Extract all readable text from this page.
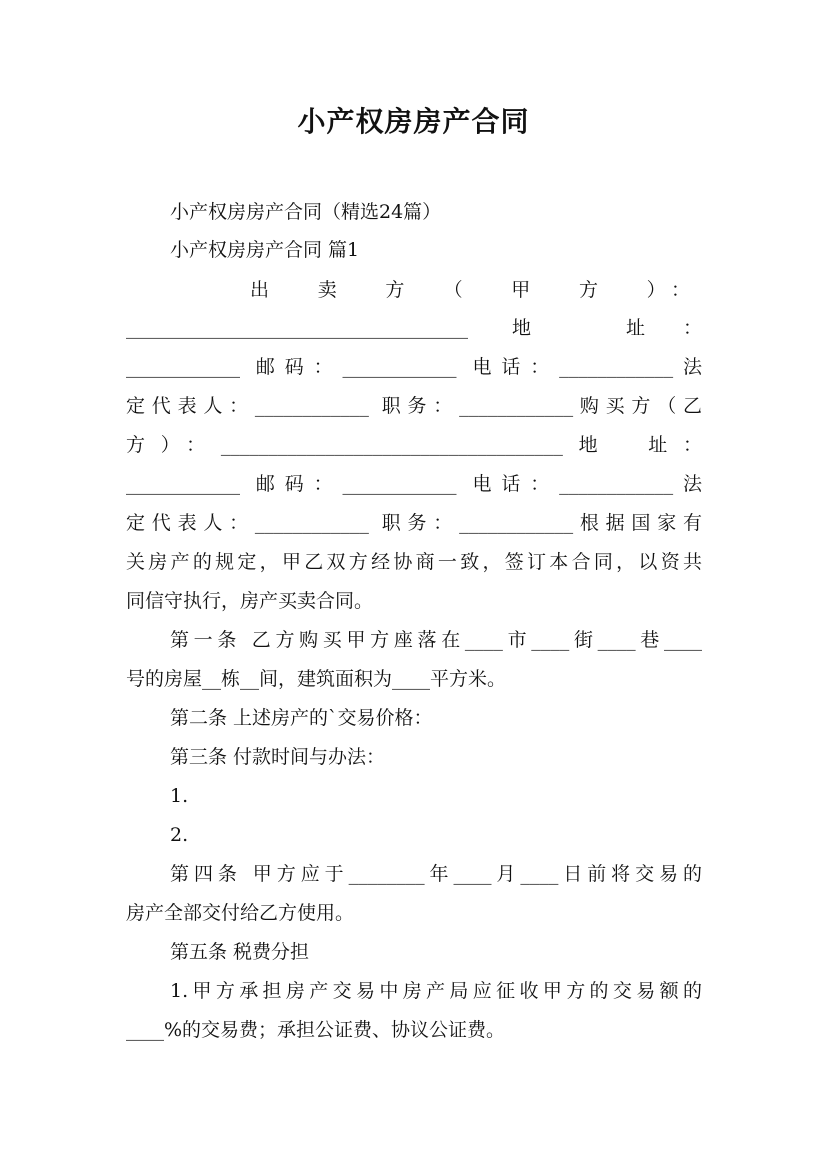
小产权房房产合同
小产权房房产合同（精选24篇）
小产权房房产合同 篇1
出　卖　方　（　甲　方　）：
____________________________________ 地　址：
____________ 邮码：____________ 电话：____________法
定代表人：____________ 职务：____________购买方（乙
方）：____________________________________地　址：
____________ 邮码：____________ 电话：____________法
定代表人：____________ 职务：____________根据国家有
关房产的规定，甲乙双方经协商一致，签订本合同，以资共
同信守执行，房产买卖合同。
第一条 乙方购买甲方座落在____市____街____巷____
号的房屋__栋__间，建筑面积为____平方米。
第二条 上述房产的`交易价格：
第三条 付款时间与办法：
1.
2.
第四条 甲方应于________年____月____日前将交易的
房产全部交付给乙方使用。
第五条 税费分担
1.甲方承担房产交易中房产局应征收甲方的交易额的
____%的交易费；承担公证费、协议公证费。
